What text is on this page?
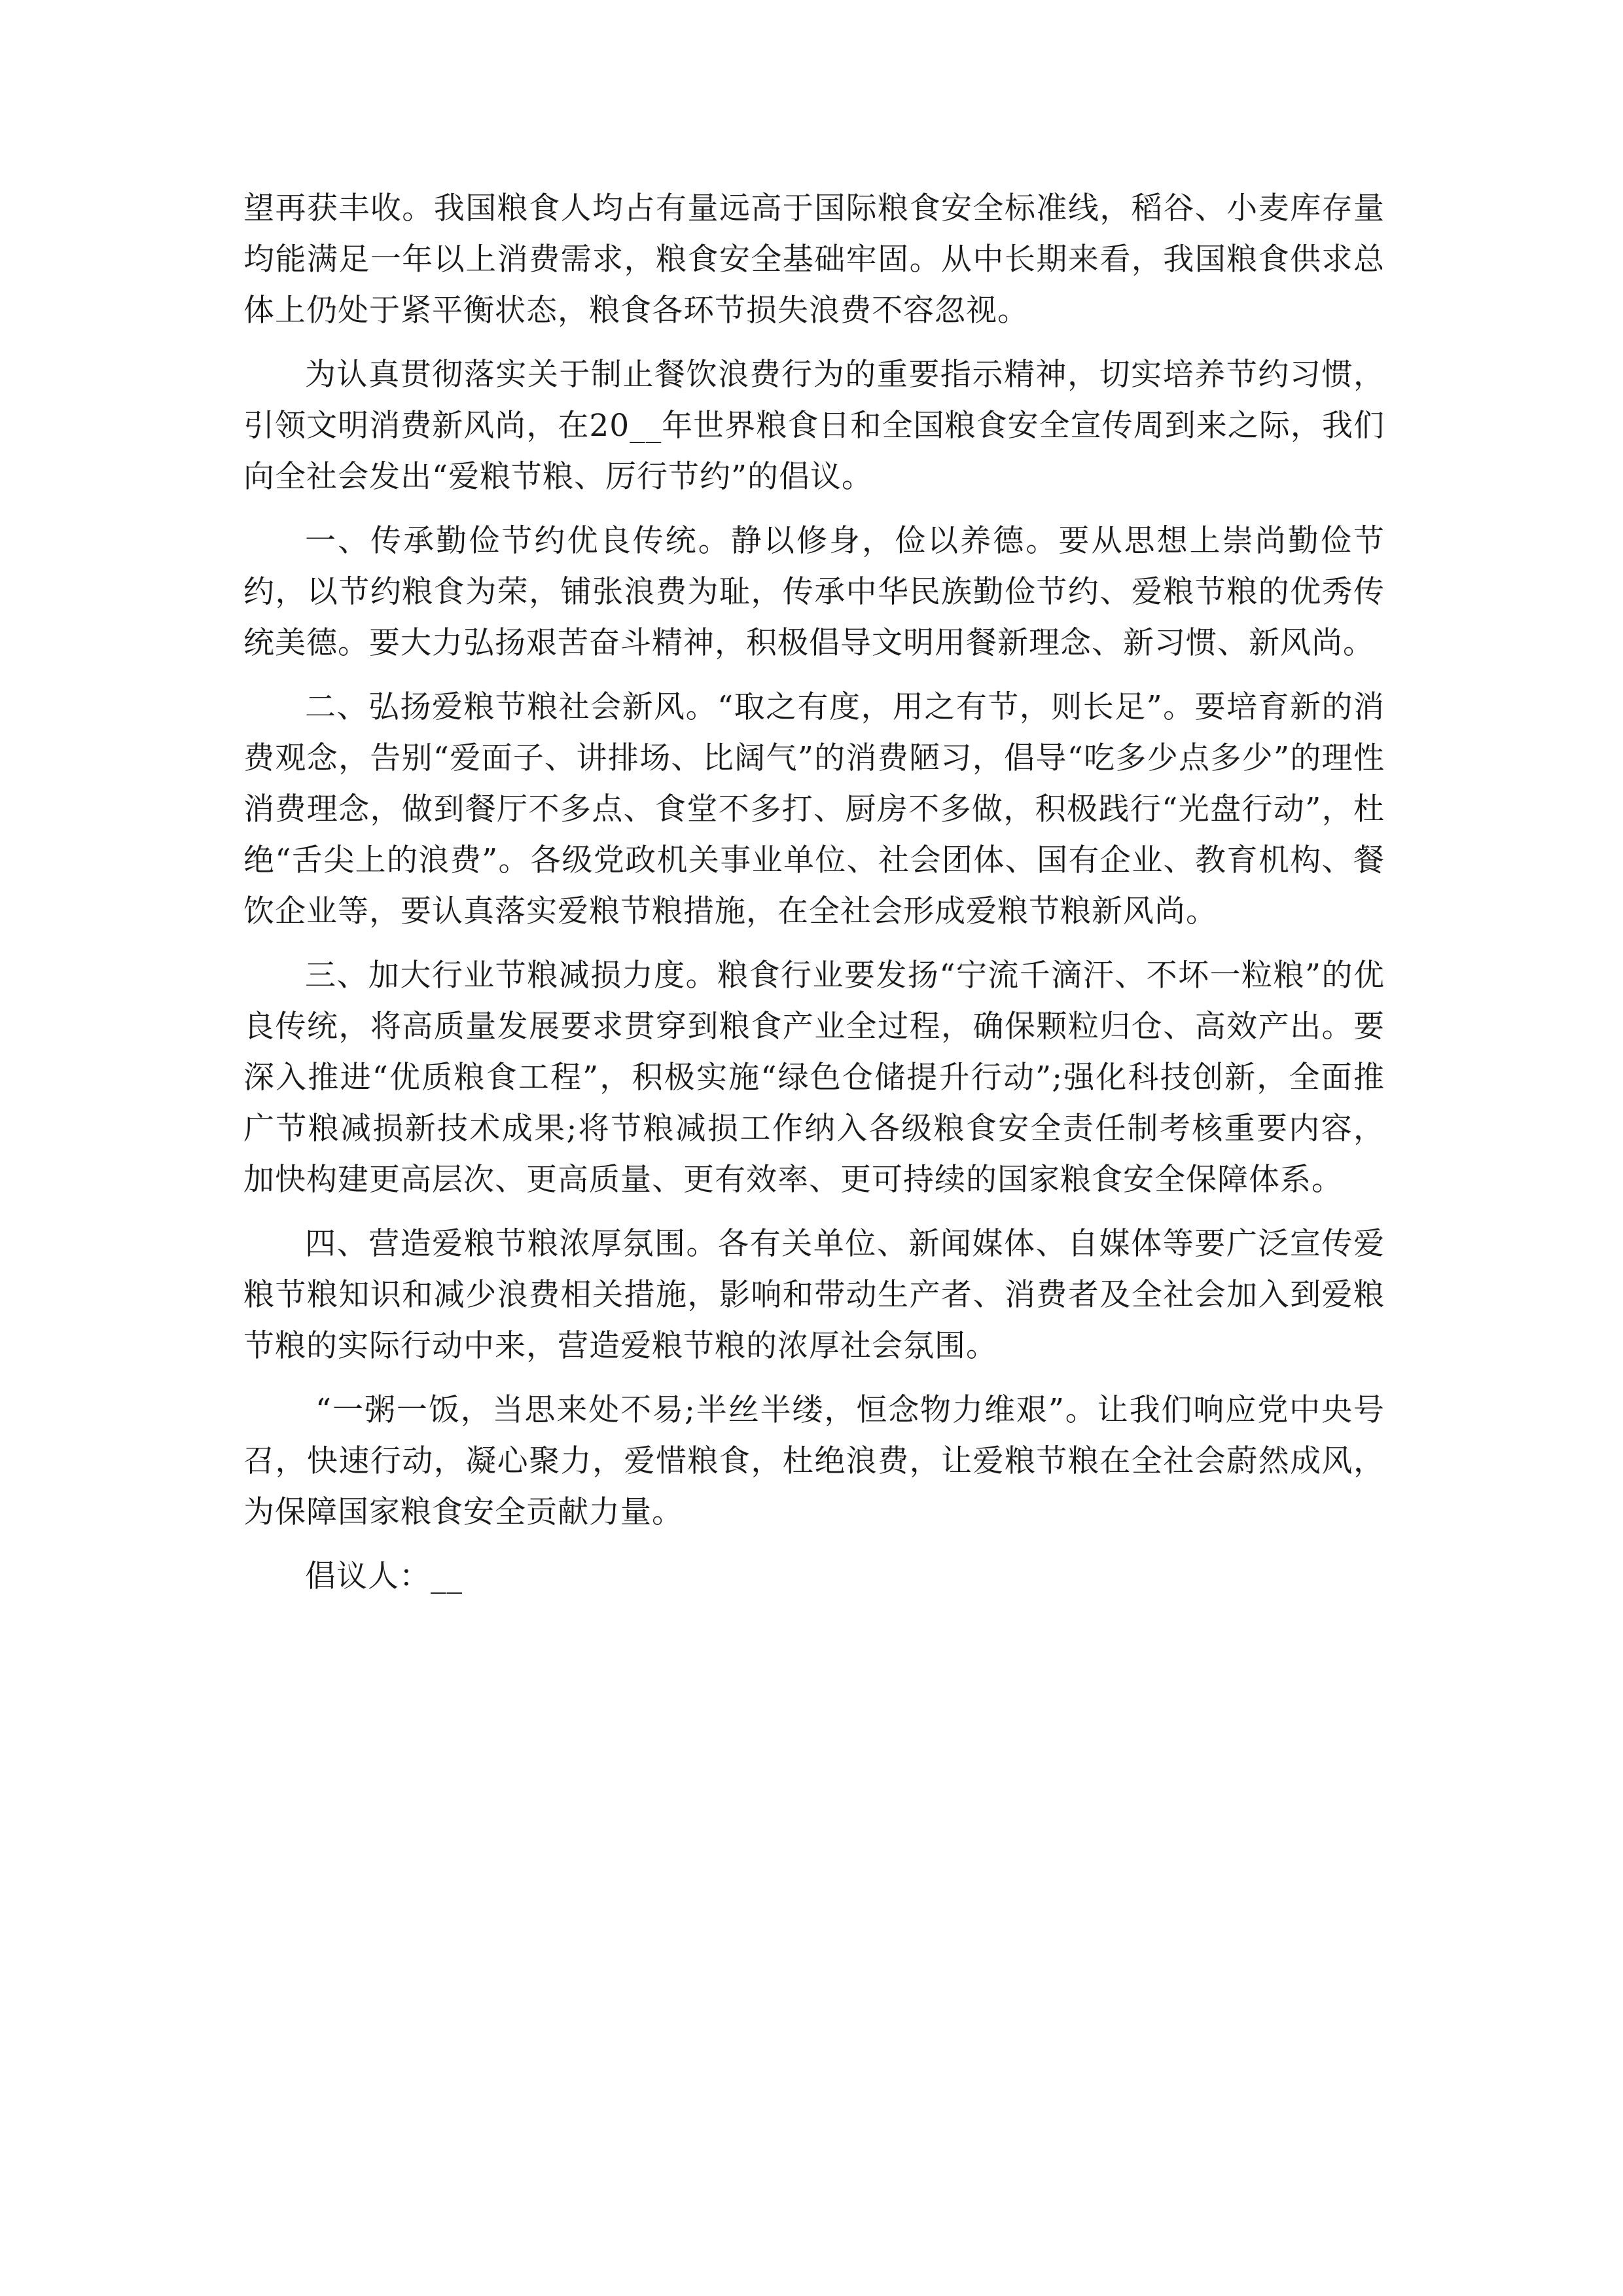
望再获丰收。我国粮食人均占有量远高于国际粮食安全标准线，稻谷、小麦库存量均能满足一年以上消费需求，粮食安全基础牢固。从中长期来看，我国粮食供求总体上仍处于紧平衡状态，粮食各环节损失浪费不容忽视。

为认真贯彻落实关于制止餐饮浪费行为的重要指示精神，切实培养节约习惯，引领文明消费新风尚，在20__年世界粮食日和全国粮食安全宣传周到来之际，我们向全社会发出“爱粮节粮、厉行节约”的倡议。

一、传承勤俭节约优良传统。静以修身，俭以养德。要从思想上崇尚勤俭节约，以节约粮食为荣，铺张浪费为耻，传承中华民族勤俭节约、爱粮节粮的优秀传统美德。要大力弘扬艰苦奋斗精神，积极倡导文明用餐新理念、新习惯、新风尚。

二、弘扬爱粮节粮社会新风。“取之有度，用之有节，则长足”。要培育新的消费观念，告别“爱面子、讲排场、比阔气”的消费陋习，倡导“吃多少点多少”的理性消费理念，做到餐厅不多点、食堂不多打、厨房不多做，积极践行“光盘行动”，杜绝“舌尖上的浪费”。各级党政机关事业单位、社会团体、国有企业、教育机构、餐饮企业等，要认真落实爱粮节粮措施，在全社会形成爱粮节粮新风尚。

三、加大行业节粮减损力度。粮食行业要发扬“宁流千滴汗、不坏一粒粮”的优良传统，将高质量发展要求贯穿到粮食产业全过程，确保颗粒归仓、高效产出。要深入推进“优质粮食工程”，积极实施“绿色仓储提升行动”;强化科技创新，全面推广节粮减损新技术成果;将节粮减损工作纳入各级粮食安全责任制考核重要内容，加快构建更高层次、更高质量、更有效率、更可持续的国家粮食安全保障体系。

四、营造爱粮节粮浓厚氛围。各有关单位、新闻媒体、自媒体等要广泛宣传爱粮节粮知识和减少浪费相关措施，影响和带动生产者、消费者及全社会加入到爱粮节粮的实际行动中来，营造爱粮节粮的浓厚社会氛围。

“一粥一饭，当思来处不易;半丝半缕，恒念物力维艰”。让我们响应党中央号召，快速行动，凝心聚力，爱惜粮食，杜绝浪费，让爱粮节粮在全社会蔚然成风，为保障国家粮食安全贡献力量。

倡议人：__
